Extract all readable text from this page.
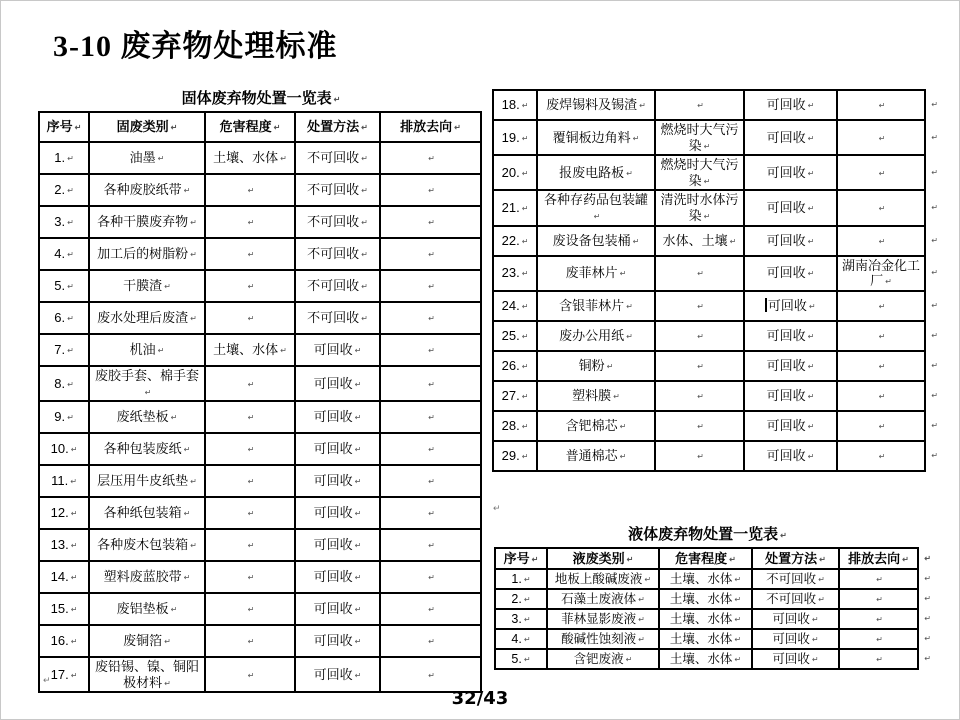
3-10 废弃物处理标准
固体废弃物处置一览表 ↵
序号 ↵	固废类别 ↵	危害程度 ↵	处置方法 ↵	排放去向 ↵
1. ↵	油墨 ↵	土壤、水体 ↵	不可回收 ↵	↵
2. ↵	各种废胶纸带 ↵	↵	不可回收 ↵	↵
3. ↵	各种干膜废弃物 ↵	↵	不可回收 ↵	↵
4. ↵	加工后的树脂粉 ↵	↵	不可回收 ↵	↵
5. ↵	干膜渣 ↵	↵	不可回收 ↵	↵
6. ↵	废水处理后废渣 ↵	↵	不可回收 ↵	↵
7. ↵	机油 ↵	土壤、水体 ↵	可回收 ↵	↵
8. ↵	废胶手套、棉手套↵	↵	可回收 ↵	↵
9. ↵	废纸垫板 ↵	↵	可回收 ↵	↵
10. ↵	各种包装废纸 ↵	↵	可回收 ↵	↵
11. ↵	层压用牛皮纸垫 ↵	↵	可回收 ↵	↵
12. ↵	各种纸包装箱 ↵	↵	可回收 ↵	↵
13. ↵	各种废木包装箱 ↵	↵	可回收 ↵	↵
14. ↵	塑料废蓝胶带 ↵	↵	可回收 ↵	↵
15. ↵	废铝垫板 ↵	↵	可回收 ↵	↵
16. ↵	废铜箔 ↵	↵	可回收 ↵	↵
17. ↵	废铅锡、镍、铜阳极材料 ↵	↵	可回收 ↵	↵
18. ↵	废焊锡料及锡渣 ↵	↵	可回收 ↵	↵ ↵

19. ↵	覆铜板边角料 ↵	燃烧时大气污染 ↵	可回收 ↵	↵ ↵

20. ↵	报废电路板 ↵	燃烧时大气污染 ↵	可回收 ↵	↵ ↵

21. ↵	各种存药品包装罐↵	清洗时水体污染 ↵	可回收 ↵	↵ ↵

22. ↵	废设备包装桶 ↵	水体、土壤 ↵	可回收 ↵	↵ ↵

23. ↵	废菲林片 ↵	↵	可回收 ↵	湖南冶金化工厂 ↵
↵

24. ↵	含银菲林片 ↵	↵	可回收 ↵	↵ ↵

25. ↵	废办公用纸 ↵	↵	可回收 ↵	↵ ↵

26. ↵	铜粉 ↵	↵	可回收 ↵	↵ ↵

27. ↵	塑料膜 ↵	↵	可回收 ↵	↵ ↵

28. ↵	含钯棉芯 ↵	↵	可回收 ↵	↵ ↵

29. ↵	普通棉芯 ↵	↵	可回收 ↵	↵ ↵
液体废弃物处置一览表 ↵
序号 ↵	液废类别 ↵	危害程度 ↵	处置方法 ↵	排放去向 ↵ ↵

1. ↵	地板上酸碱废液 ↵	土壤、水体 ↵	不可回收 ↵	↵ ↵

2. ↵	石藻土废液体 ↵	土壤、水体 ↵	不可回收 ↵	↵ ↵

3. ↵	菲林显影废液 ↵	土壤、水体 ↵	可回收 ↵	↵ ↵

4. ↵	酸碱性蚀刻液 ↵	土壤、水体 ↵	可回收 ↵	↵ ↵

5. ↵	含钯废液 ↵	土壤、水体 ↵	可回收 ↵	↵ ↵
↵
↵
32/43
